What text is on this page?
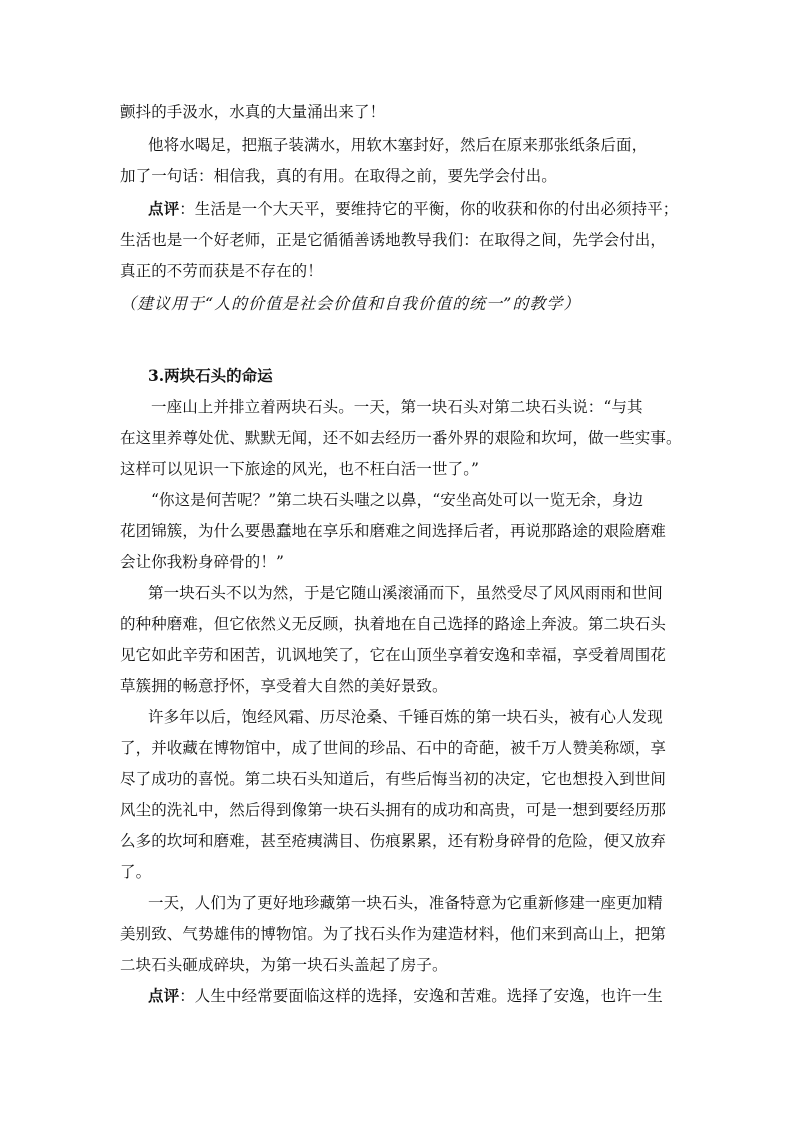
颤抖的手汲水，水真的大量涌出来了！
他将水喝足，把瓶子装满水，用软木塞封好，然后在原来那张纸条后面，
加了一句话：相信我，真的有用。在取得之前，要先学会付出。
点评：生活是一个大天平，要维持它的平衡，你的收获和你的付出必须持平；
生活也是一个好老师，正是它循循善诱地教导我们：在取得之间，先学会付出，
真正的不劳而获是不存在的！
（建议用于“人的价值是社会价值和自我价值的统一”的教学）
3.两块石头的命运
一座山上并排立着两块石头。一天，第一块石头对第二块石头说：“与其
在这里养尊处优、默默无闻，还不如去经历一番外界的艰险和坎坷，做一些实事。
这样可以见识一下旅途的风光，也不枉白活一世了。”
“你这是何苦呢？”第二块石头嗤之以鼻，“安坐高处可以一览无余，身边
花团锦簇，为什么要愚蠢地在享乐和磨难之间选择后者，再说那路途的艰险磨难
会让你我粉身碎骨的！”
第一块石头不以为然，于是它随山溪滚涌而下，虽然受尽了风风雨雨和世间
的种种磨难，但它依然义无反顾，执着地在自己选择的路途上奔波。第二块石头
见它如此辛劳和困苦，讥讽地笑了，它在山顶坐享着安逸和幸福，享受着周围花
草簇拥的畅意抒怀，享受着大自然的美好景致。
许多年以后，饱经风霜、历尽沧桑、千锤百炼的第一块石头，被有心人发现
了，并收藏在博物馆中，成了世间的珍品、石中的奇葩，被千万人赞美称颂，享
尽了成功的喜悦。第二块石头知道后，有些后悔当初的决定，它也想投入到世间
风尘的洗礼中，然后得到像第一块石头拥有的成功和高贵，可是一想到要经历那
么多的坎坷和磨难，甚至疮痍满目、伤痕累累，还有粉身碎骨的危险，便又放弃
了。
一天，人们为了更好地珍藏第一块石头，准备特意为它重新修建一座更加精
美别致、气势雄伟的博物馆。为了找石头作为建造材料，他们来到高山上，把第
二块石头砸成碎块，为第一块石头盖起了房子。
点评：人生中经常要面临这样的选择，安逸和苦难。选择了安逸，也许一生
